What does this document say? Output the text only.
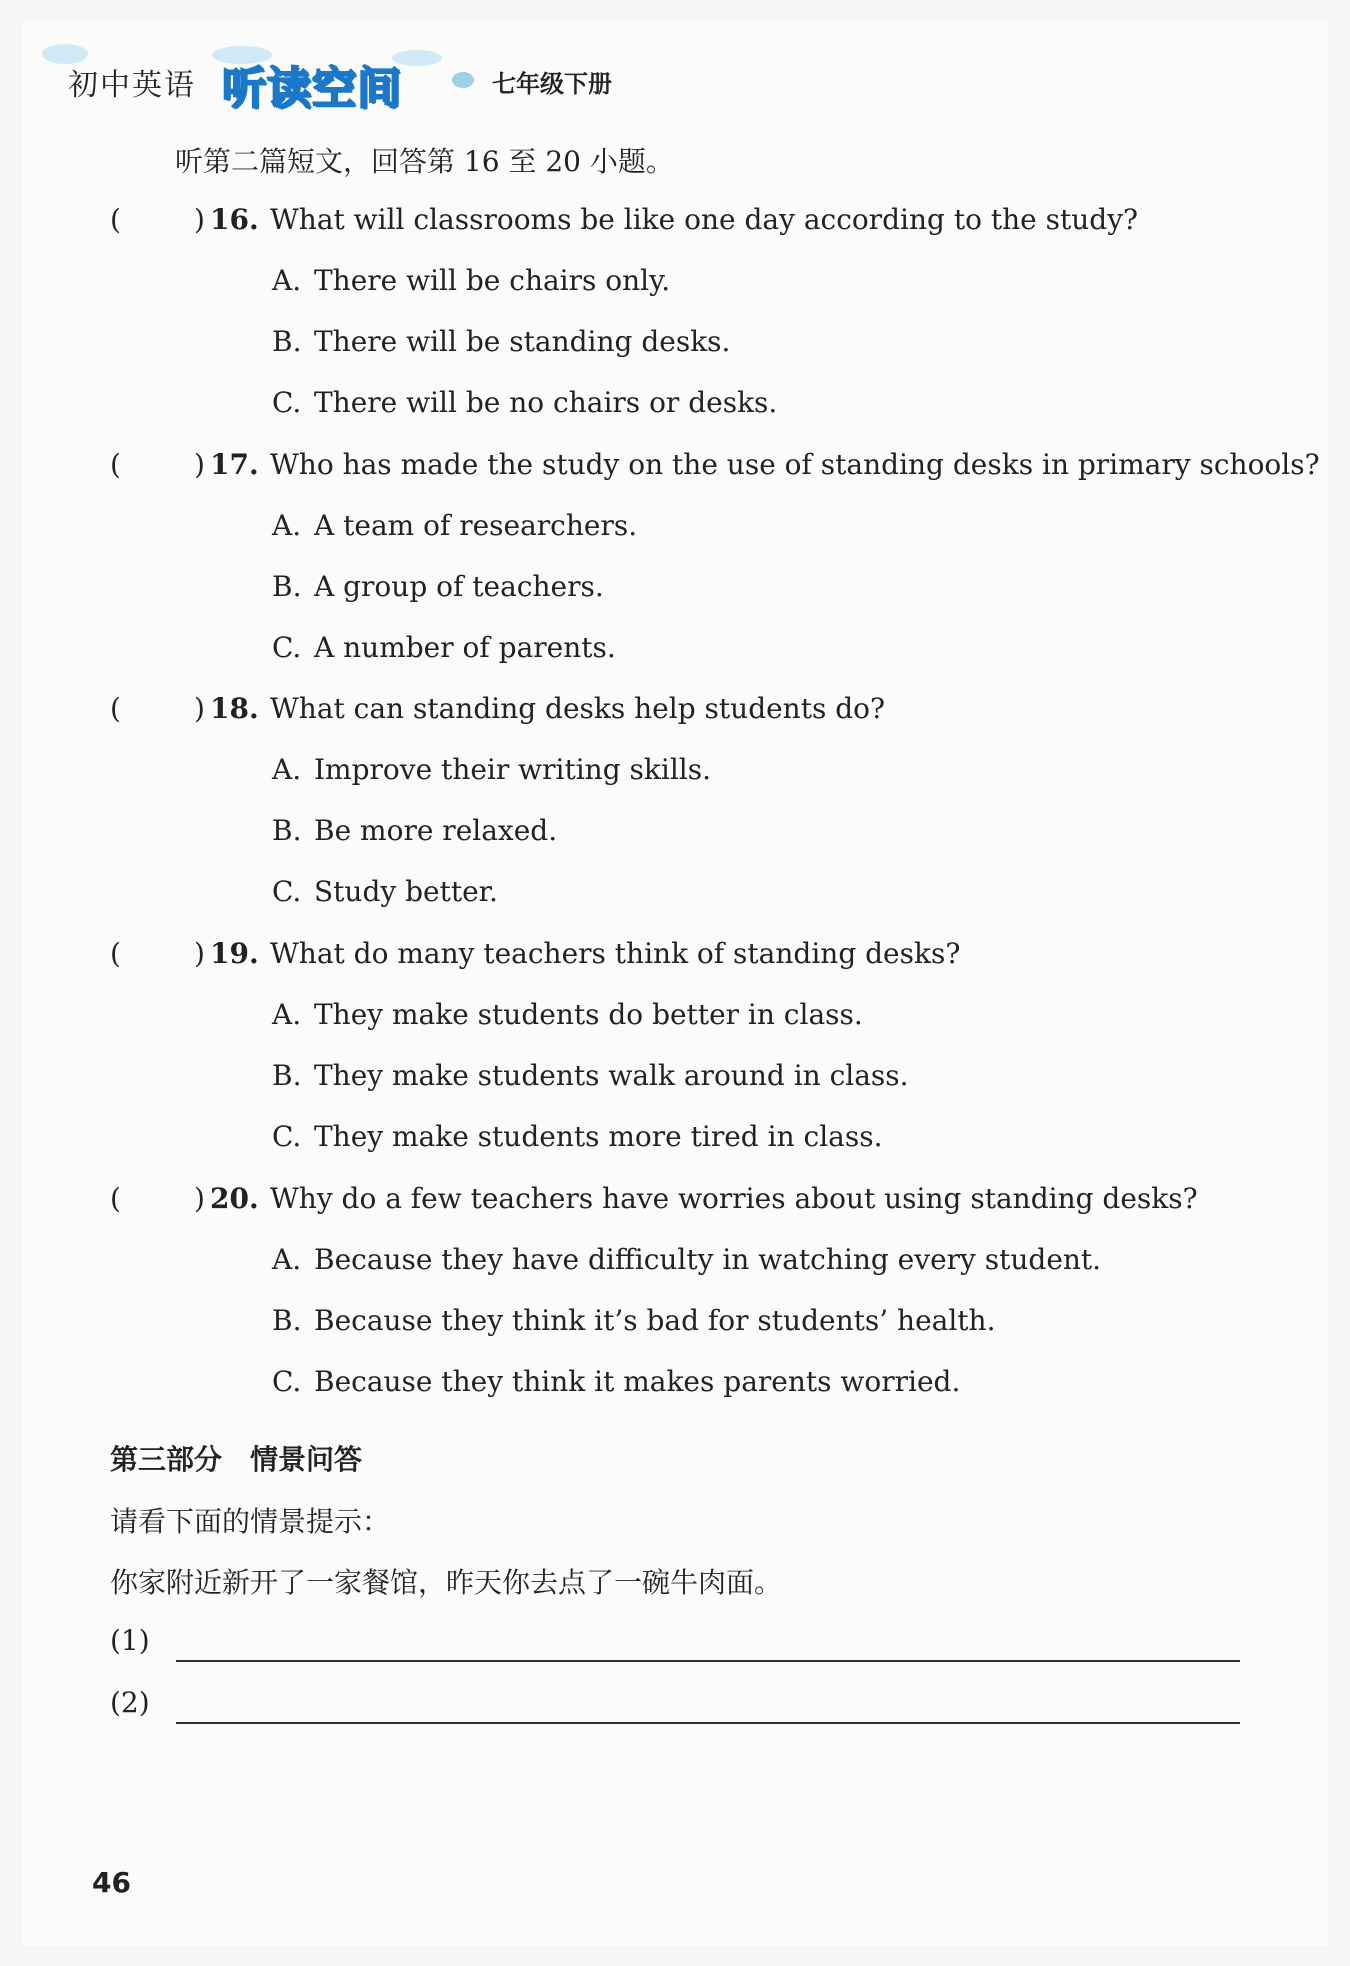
初中英语 听读空间	七年级下册
听第二篇短文，回答第 16 至 20 小题。
(	) 16. What will classrooms be like one day according to the study?
A. There will be chairs only.
B. There will be standing desks.
C. There will be no chairs or desks.
(	) 17. Who has made the study on the use of standing desks in primary schools?
A. A team of researchers.
B. A group of teachers.
C. A number of parents.
(	) 18. What can standing desks help students do?
A. Improve their writing skills.
B. Be more relaxed.
C. Study better.
(	) 19. What do many teachers think of standing desks?
A. They make students do better in class.
B. They make students walk around in class.
C. They make students more tired in class.
(	) 20. Why do a few teachers have worries about using standing desks?
A. Because they have difficulty in watching every student.
B. Because they think it’s bad for students’ health.
C. Because they think it makes parents worried.
第三部分 情景问答
请看下面的情景提示：
你家附近新开了一家餐馆，昨天你去点了一碗牛肉面。
(1)
(2)
46
